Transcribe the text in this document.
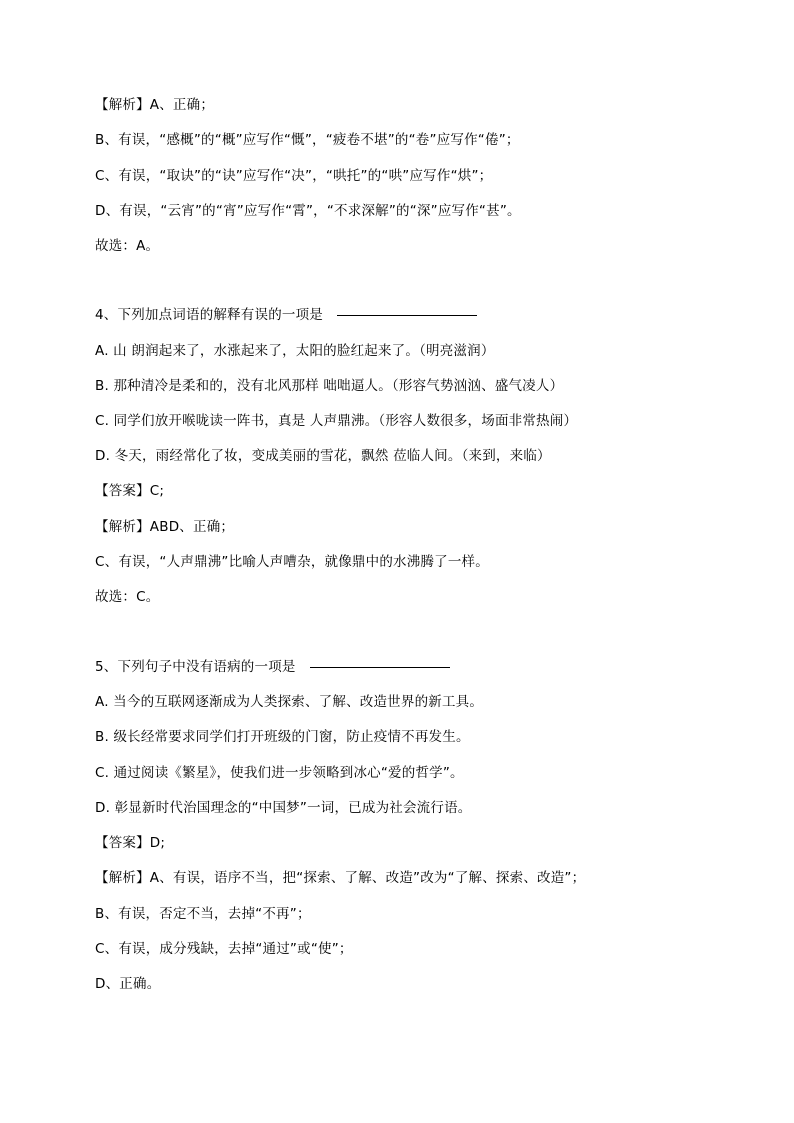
【解析】A、正确；
B、有误，“感概”的“概”应写作“慨”，“疲卷不堪”的“卷”应写作“倦”；
C、有误，“取诀”的“诀”应写作“决”，“哄托”的“哄”应写作“烘”；
D、有误，“云宵”的“宵”应写作“霄”，“不求深解”的“深”应写作“甚”。
故选：A。
4、下列加点词语的解释有误的一项是
A. 山 朗润起来了，水涨起来了，太阳的脸红起来了。（明亮滋润）
B. 那种清冷是柔和的，没有北风那样 咄咄逼人。（形容气势汹汹、盛气凌人）
C. 同学们放开喉咙读一阵书，真是 人声鼎沸。（形容人数很多，场面非常热闹）
D. 冬天，雨经常化了妆，变成美丽的雪花，飘然 莅临人间。（来到，来临）
【答案】C;
【解析】ABD、正确；
C、有误，“人声鼎沸”比喻人声嘈杂，就像鼎中的水沸腾了一样。
故选：C。
5、下列句子中没有语病的一项是
A. 当今的互联网逐渐成为人类探索、了解、改造世界的新工具。
B. 级长经常要求同学们打开班级的门窗，防止疫情不再发生。
C. 通过阅读《繁星》，使我们进一步领略到冰心“爱的哲学”。
D. 彰显新时代治国理念的“中国梦”一词，已成为社会流行语。
【答案】D;
【解析】A、有误，语序不当，把“探索、了解、改造”改为“了解、探索、改造”；
B、有误，否定不当，去掉“不再”；
C、有误，成分残缺，去掉“通过”或“使”；
D、正确。
